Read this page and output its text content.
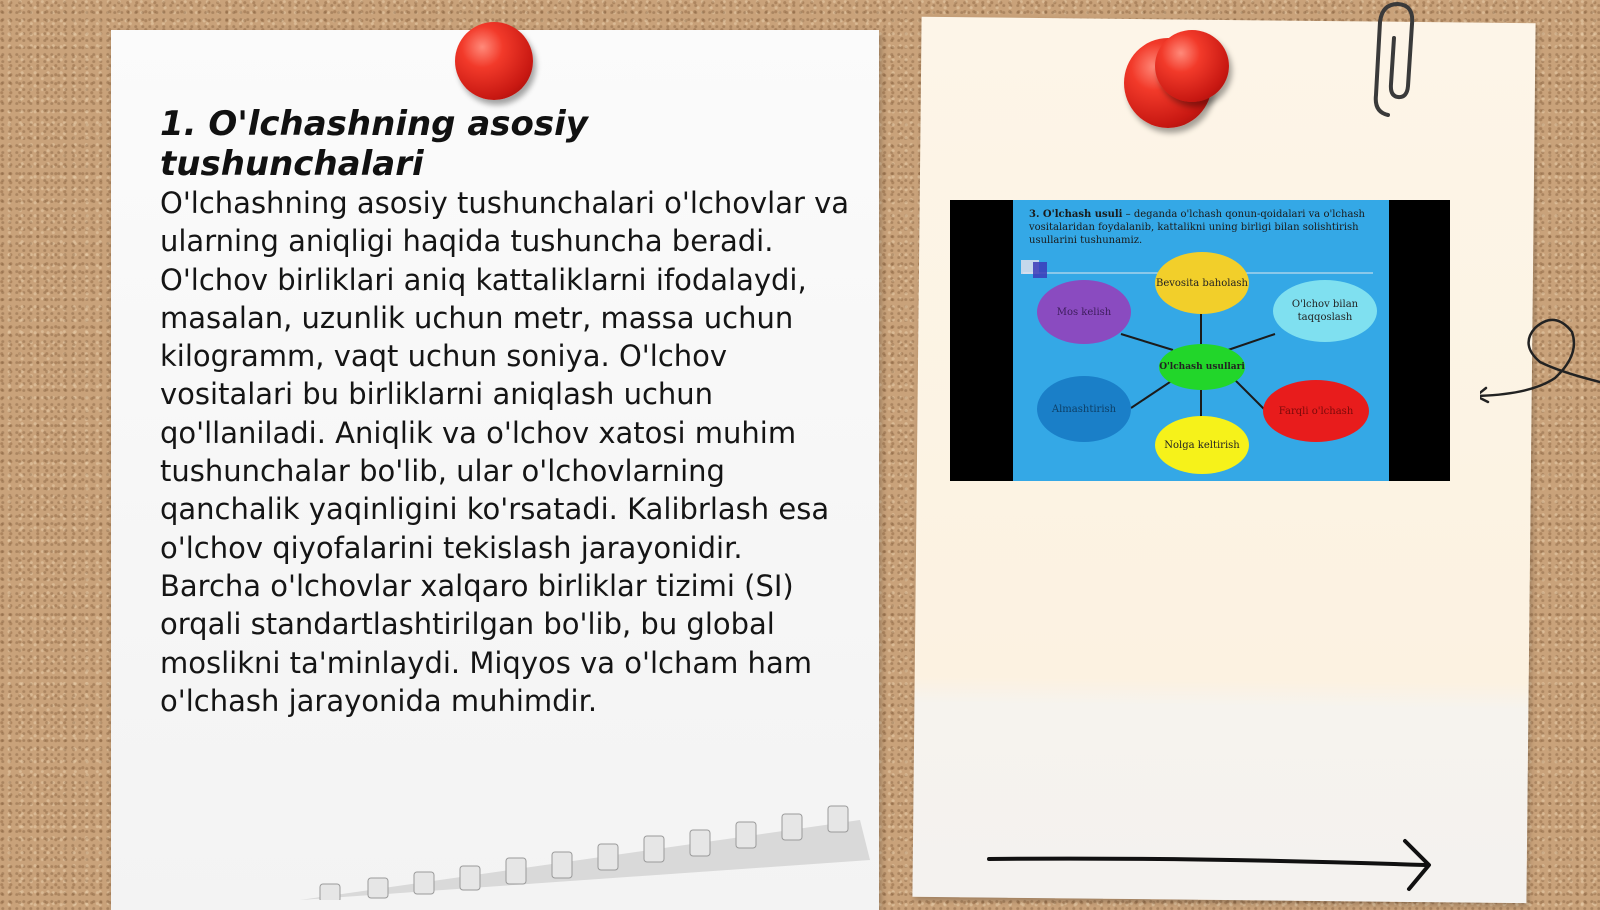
1. O'lchashning asosiy tushunchalari

O'lchashning asosiy tushunchalari o'lchovlar va ularning aniqligi haqida tushuncha beradi. O'lchov birliklari aniq kattaliklarni ifodalaydi, masalan, uzunlik uchun metr, massa uchun kilogramm, vaqt uchun soniya. O'lchov vositalari bu birliklarni aniqlash uchun qo'llaniladi. Aniqlik va o'lchov xatosi muhim tushunchalar bo'lib, ular o'lchovlarning qanchalik yaqinligini ko'rsatadi. Kalibrlash esa o'lchov qiyofalarini tekislash jarayonidir. Barcha o'lchovlar xalqaro birliklar tizimi (SI) orqali standartlashtirilgan bo'lib, bu global moslikni ta'minlaydi. Miqyos va o'lcham ham o'lchash jarayonida muhimdir.

3. O'lchash usuli – deganda o'lchash qonun-qoidalari va o'lchash vositalaridan foydalanib, kattalikni uning birligi bilan solishtirish usullarini tushunamiz.
O'lchash usullari
Bevosita baholash
O'lchov bilan taqqoslash
Farqli o'lchash
Nolga keltirish
Almashtirish
Mos kelish
